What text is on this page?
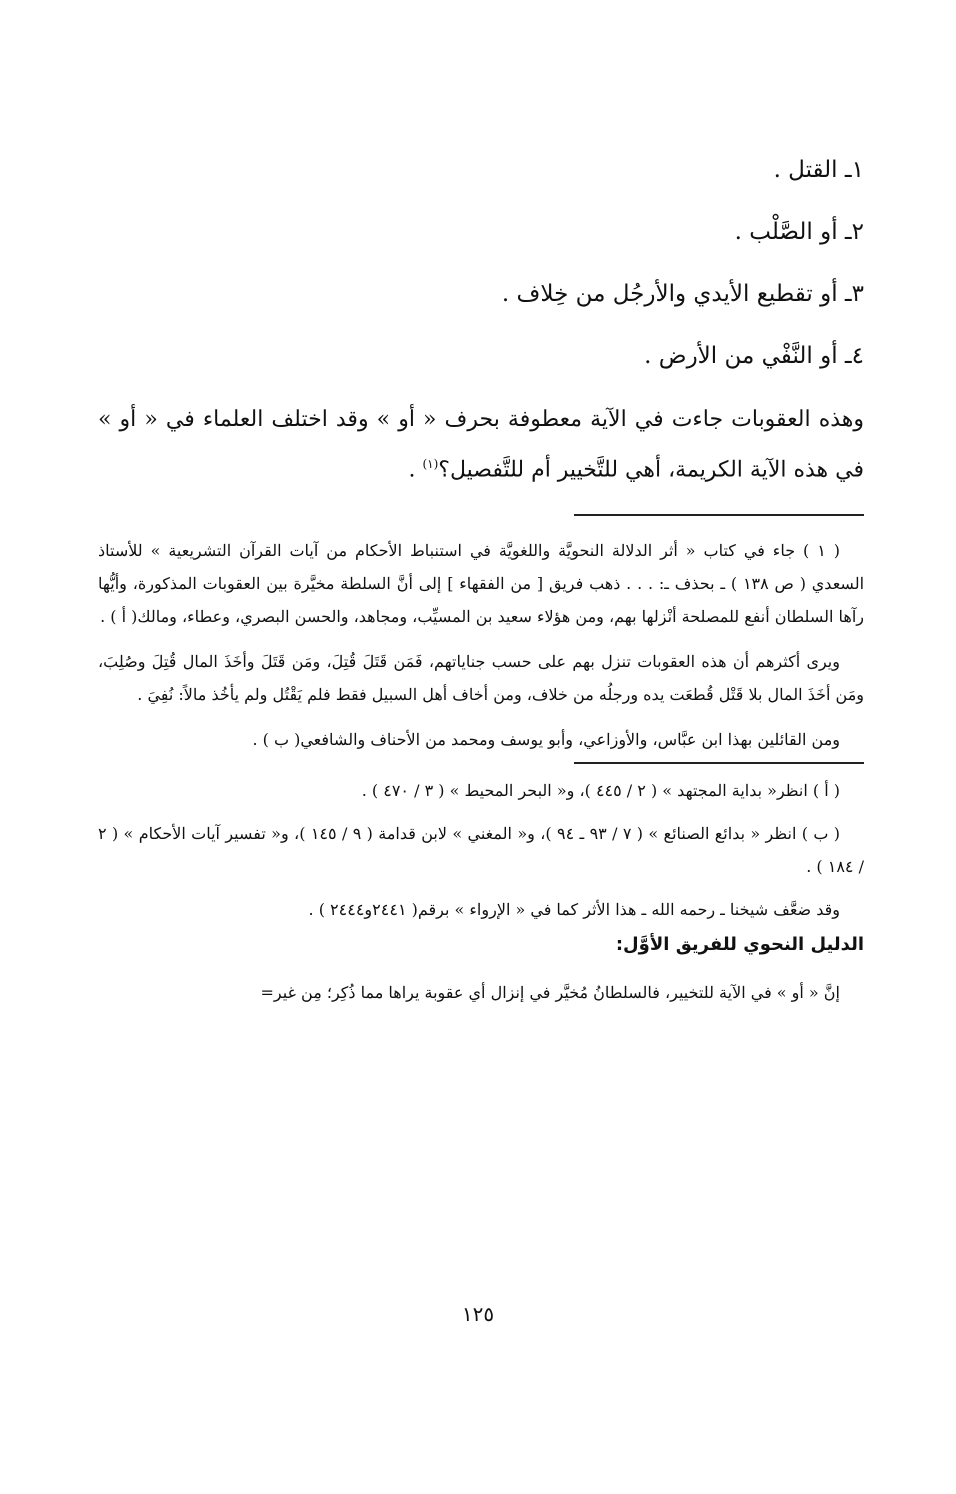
١ـ القتل .
٢ـ أو الصَّلْب .
٣ـ أو تقطيع الأيدي والأرجُل من خِلاف .
٤ـ أو النَّفْي من الأرض .

وهذه العقوبات جاءت في الآية معطوفة بحرف « أو » وقد اختلف العلماء في « أو » في هذه الآية الكريمة، أهي للتَّخيير أم للتَّفصيل؟$^{(١)}$ .

( ١ ) جاء في كتاب « أثر الدلالة النحويَّة واللغويَّة في استنباط الأحكام من آيات القرآن التشريعية » للأستاذ السعدي ( ص ١٣٨ ) ـ بحذف ـ: . . . ذهب فريق [ من الفقهاء ] إلى أنَّ السلطة مخيَّرة بين العقوبات المذكورة، وأيُّها رآها السلطان أنفع للمصلحة أنْزلها بهم، ومن هؤلاء سعيد بن المسيِّب، ومجاهد، والحسن البصري، وعطاء، ومالك( أ ) .

ويرى أكثرهم أن هذه العقوبات تنزل بهم على حسب جناياتهم، فَمَن قَتَلَ قُتِلَ، ومَن قَتَلَ وأخَذَ المال قُتِلَ وصُلِبَ، ومَن أخَذَ المال بلا قَتْل قُطعَت يده ورجلُه من خلاف، ومن أخاف أهل السبيل فقط فلم يَقْتُل ولم يأخُذ مالاً: نُفِيَ .

ومن القائلين بهذا ابن عبَّاس، والأوزاعي، وأبو يوسف ومحمد من الأحناف والشافعي( ب ) .

( أ ) انظر« بداية المجتهد » ( ٢ / ٤٤٥ )، و« البحر المحيط » ( ٣ / ٤٧٠ ) .

( ب ) انظر « بدائع الصنائع » ( ٧ / ٩٣ ـ ٩٤ )، و« المغني » لابن قدامة ( ٩ / ١٤٥ )، و« تفسير آيات الأحكام » ( ٢ / ١٨٤ ) .

وقد ضعَّف شيخنا ـ رحمه الله ـ هذا الأثر كما في « الإرواء » برقم( ٢٤٤١و٢٤٤٤ ) .

الدليل النحوي للفريق الأوَّل:

إنَّ « أو » في الآية للتخيير، فالسلطانُ مُخيَّر في إنزال أي عقوبة يراها مما ذُكِر؛ مِن غير=

١٢٥
